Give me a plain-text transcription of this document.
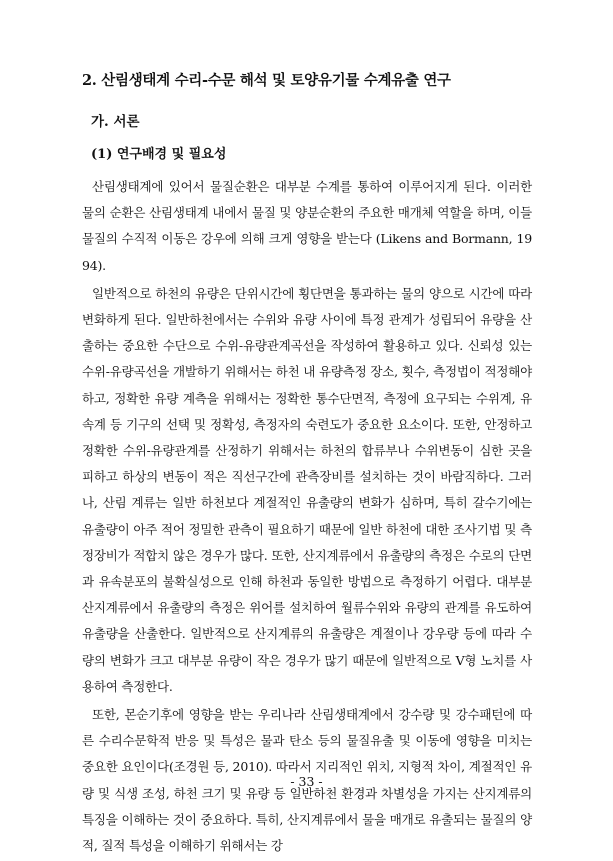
2. 산림생태계 수리-수문 해석 및 토양유기물 수계유출 연구
가. 서론
(1) 연구배경 및 필요성

산림생태계에 있어서 물질순환은 대부분 수계를 통하여 이루어지게 된다. 이러한 물의 순환은 산림생태계 내에서 물질 및 양분순환의 주요한 매개체 역할을 하며, 이들 물질의 수직적 이동은 강우에 의해 크게 영향을 받는다 (Likens and Bormann, 1994).

일반적으로 하천의 유량은 단위시간에 횡단면을 통과하는 물의 양으로 시간에 따라 변화하게 된다. 일반하천에서는 수위와 유량 사이에 특정 관계가 성립되어 유량을 산출하는 중요한 수단으로 수위-유량관계곡선을 작성하여 활용하고 있다. 신뢰성 있는 수위-유량곡선을 개발하기 위해서는 하천 내 유량측정 장소, 횟수, 측정법이 적정해야 하고, 정확한 유량 계측을 위해서는 정확한 통수단면적, 측정에 요구되는 수위계, 유속계 등 기구의 선택 및 정확성, 측정자의 숙련도가 중요한 요소이다. 또한, 안정하고 정확한 수위-유량관계를 산정하기 위해서는 하천의 합류부나 수위변동이 심한 곳을 피하고 하상의 변동이 적은 직선구간에 관측장비를 설치하는 것이 바람직하다. 그러나, 산림 계류는 일반 하천보다 계절적인 유출량의 변화가 심하며, 특히 갈수기에는 유출량이 아주 적어 정밀한 관측이 필요하기 때문에 일반 하천에 대한 조사기법 및 측정장비가 적합치 않은 경우가 많다. 또한, 산지계류에서 유출량의 측정은 수로의 단면과 유속분포의 불확실성으로 인해 하천과 동일한 방법으로 측정하기 어렵다. 대부분 산지계류에서 유출량의 측정은 위어를 설치하여 월류수위와 유량의 관계를 유도하여 유출량을 산출한다. 일반적으로 산지계류의 유출량은 계절이나 강우량 등에 따라 수량의 변화가 크고 대부분 유량이 작은 경우가 많기 때문에 일반적으로 V형 노치를 사용하여 측정한다.

또한, 몬순기후에 영향을 받는 우리나라 산림생태계에서 강수량 및 강수패턴에 따른 수리수문학적 반응 및 특성은 물과 탄소 등의 물질유출 및 이동에 영향을 미치는 중요한 요인이다(조경원 등, 2010). 따라서 지리적인 위치, 지형적 차이, 계절적인 유량 및 식생 조성, 하천 크기 및 유량 등 일반하천 환경과 차별성을 가지는 산지계류의 특징을 이해하는 것이 중요하다. 특히, 산지계류에서 물을 매개로 유출되는 물질의 양적, 질적 특성을 이해하기 위해서는 강

- 33 -
